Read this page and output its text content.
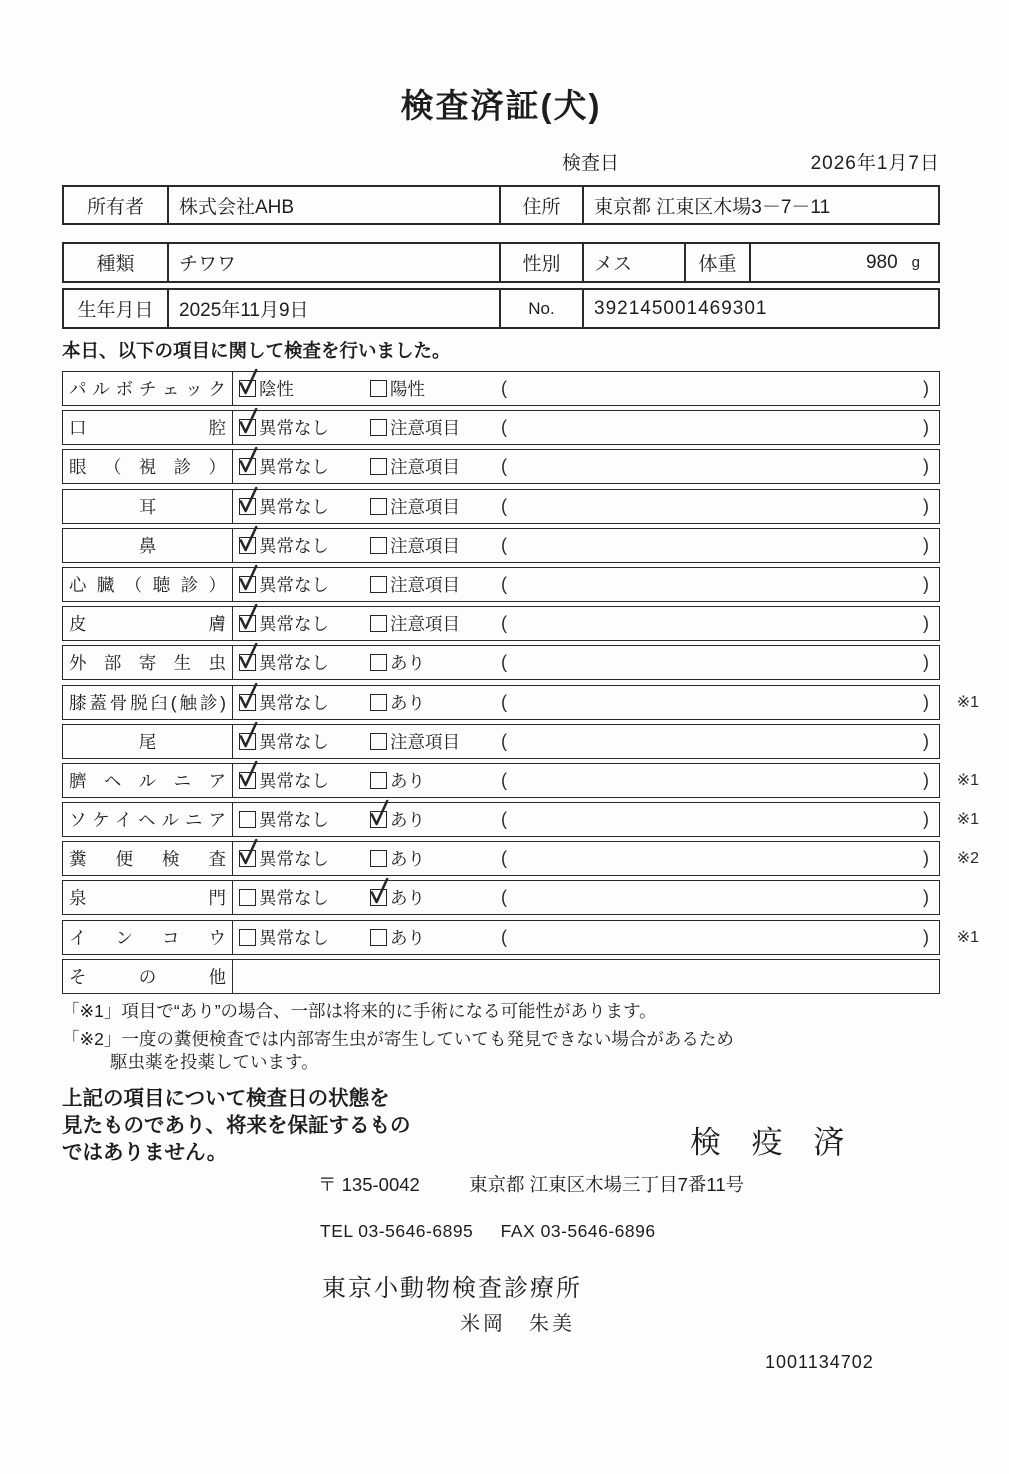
検査済証(犬)
検査日	2026年1月7日
所有者	株式会社AHB	住所	東京都 江東区木場3－7－11
種類	チワワ	性別	メス	体重	980 g
生年月日	2025年11月9日	No.	392145001469301
本日、以下の項目に関して検査を行いました。
パルボチェック 陰性	陽性	(	)
口腔 異常なし	注意項目 (	)
眼（視診） 異常なし	注意項目 (	)
耳	異常なし	注意項目 (	)
鼻	異常なし	注意項目 (	)
心臓（聴診） 異常なし	注意項目 (	)
皮膚 異常なし	注意項目 (	)
外部寄生虫 異常なし	あり	(	)
膝蓋骨脱臼(触診) 異常なし	あり	(	) ※1
尾	異常なし	注意項目 (	)
臍ヘルニア 異常なし	あり	(	) ※1
ソケイヘルニア 異常なし	あり	(	) ※1
糞便検査 異常なし	あり	(	) ※2
泉門 異常なし	あり	(	)
インコウ 異常なし	あり	(	) ※1
その他
「※1」項目で“あり”の場合、一部は将来的に手術になる可能性があります。
「※2」一度の糞便検査では内部寄生虫が寄生していても発見できない場合があるため
駆虫薬を投薬しています。
上記の項目について検査日の状態を
見たものであり、将来を保証するもの
ではありません。	検 疫 済
〒 135-0042	東京都 江東区木場三丁目7番11号
TEL 03-5646-6895 FAX 03-5646-6896
東京小動物検査診療所
米岡　朱美
1001134702
